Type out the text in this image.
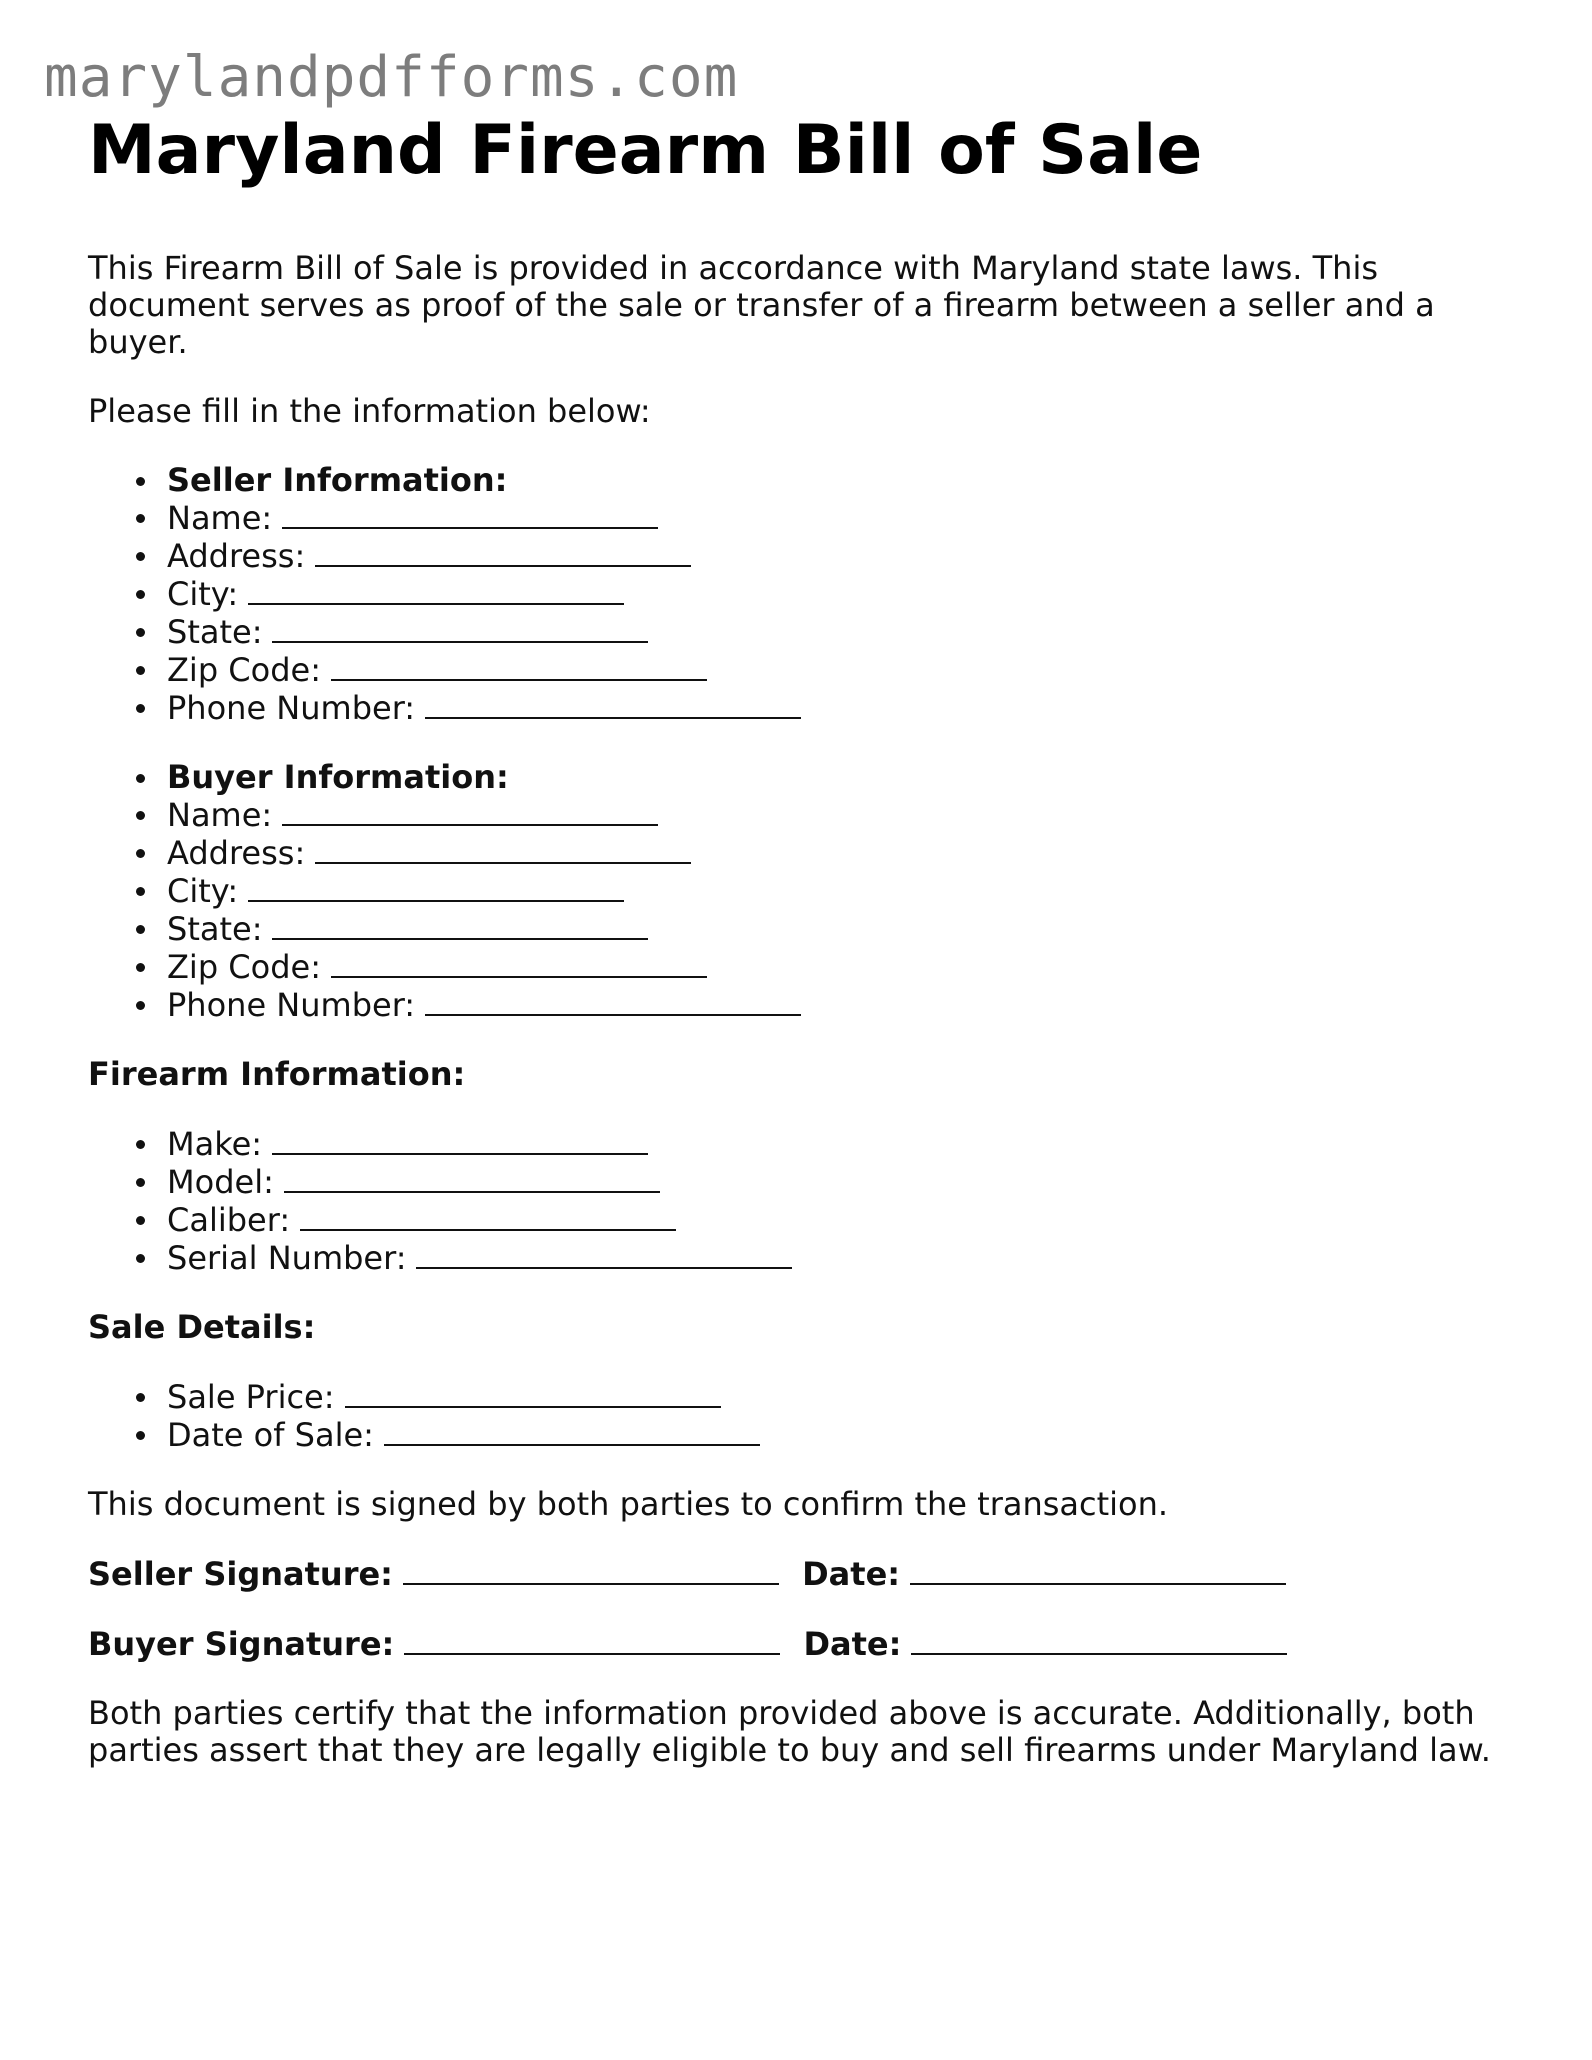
marylandpdfforms.com
Maryland Firearm Bill of Sale

This Firearm Bill of Sale is provided in accordance with Maryland state laws. This document serves as proof of the sale or transfer of a firearm between a seller and a buyer.

Please fill in the information below:

Seller Information:
Name:
Address:
City:
State:
Zip Code:
Phone Number:
Buyer Information:
Name:
Address:
City:
State:
Zip Code:
Phone Number:
Firearm Information:
Make:
Model:
Caliber:
Serial Number:
Sale Details:
Sale Price:
Date of Sale:

This document is signed by both parties to confirm the transaction.

Seller Signature:	Date:
Buyer Signature:	Date:

Both parties certify that the information provided above is accurate. Additionally, both parties assert that they are legally eligible to buy and sell firearms under Maryland law.
